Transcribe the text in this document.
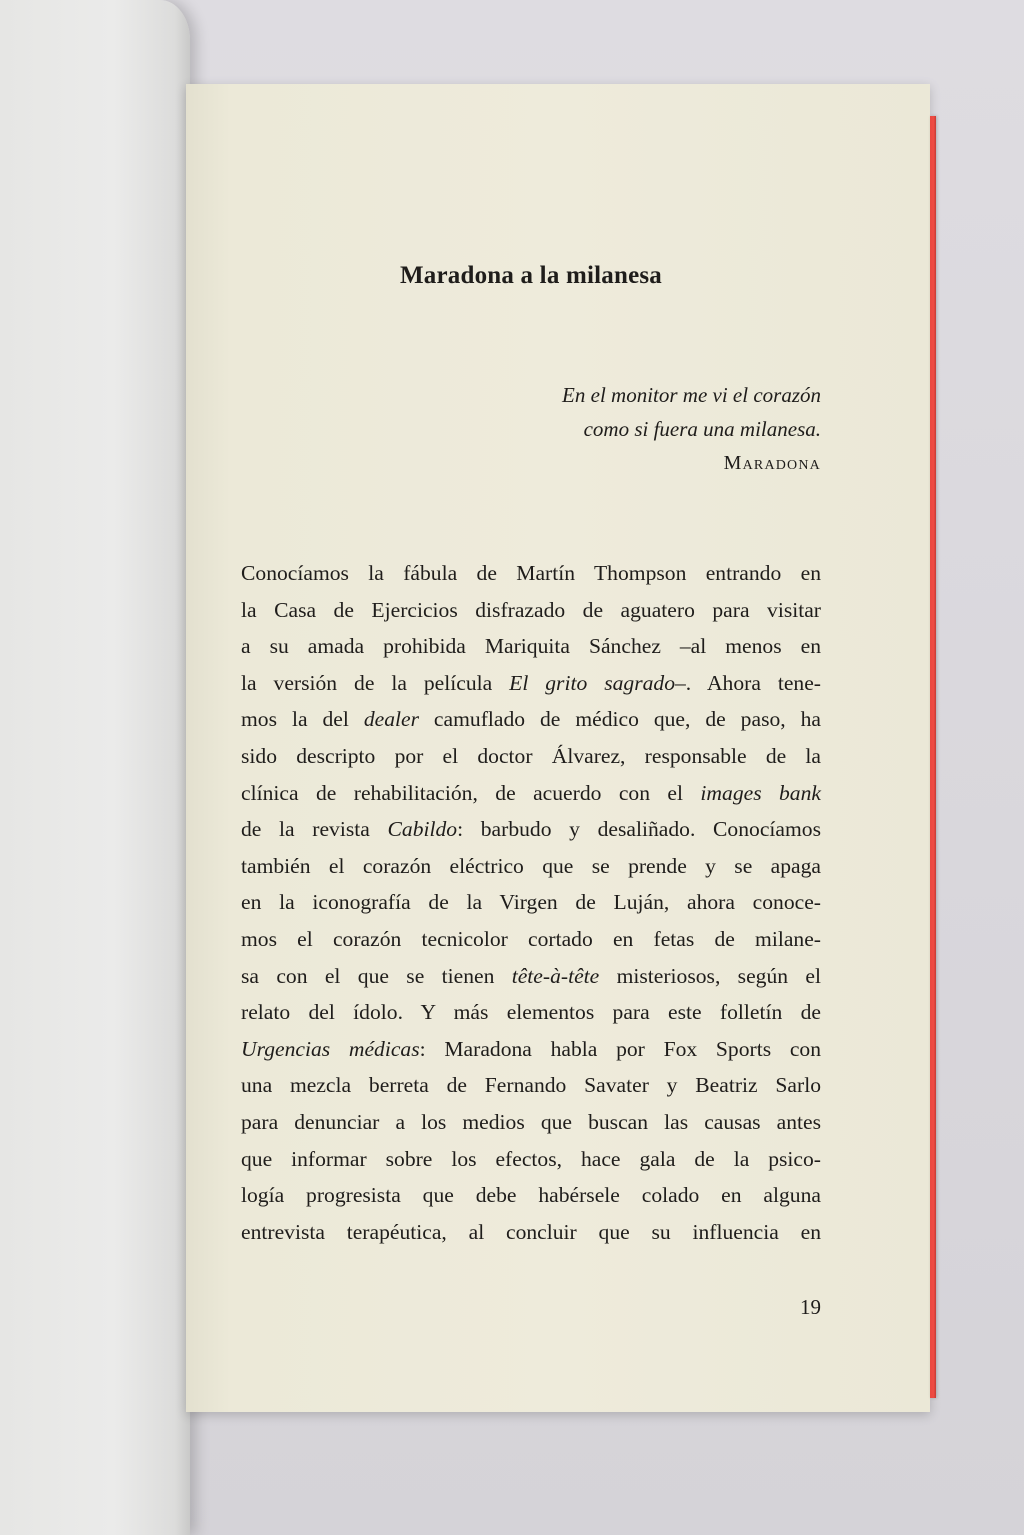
Maradona a la milanesa
En el monitor me vi el corazón
como si fuera una milanesa.
Maradona
Conocíamos la fábula de Martín Thompson entrando en
la Casa de Ejercicios disfrazado de aguatero para visitar
a su amada prohibida Mariquita Sánchez –al menos en
la versión de la película El grito sagrado–. Ahora tene-
mos la del dealer camuflado de médico que, de paso, ha
sido descripto por el doctor Álvarez, responsable de la
clínica de rehabilitación, de acuerdo con el images bank
de la revista Cabildo: barbudo y desaliñado. Conocíamos
también el corazón eléctrico que se prende y se apaga
en la iconografía de la Virgen de Luján, ahora conoce-
mos el corazón tecnicolor cortado en fetas de milane-
sa con el que se tienen tête-à-tête misteriosos, según el
relato del ídolo. Y más elementos para este folletín de
Urgencias médicas: Maradona habla por Fox Sports con
una mezcla berreta de Fernando Savater y Beatriz Sarlo
para denunciar a los medios que buscan las causas antes
que informar sobre los efectos, hace gala de la psico-
logía progresista que debe habérsele colado en alguna
entrevista terapéutica, al concluir que su influencia en
19
